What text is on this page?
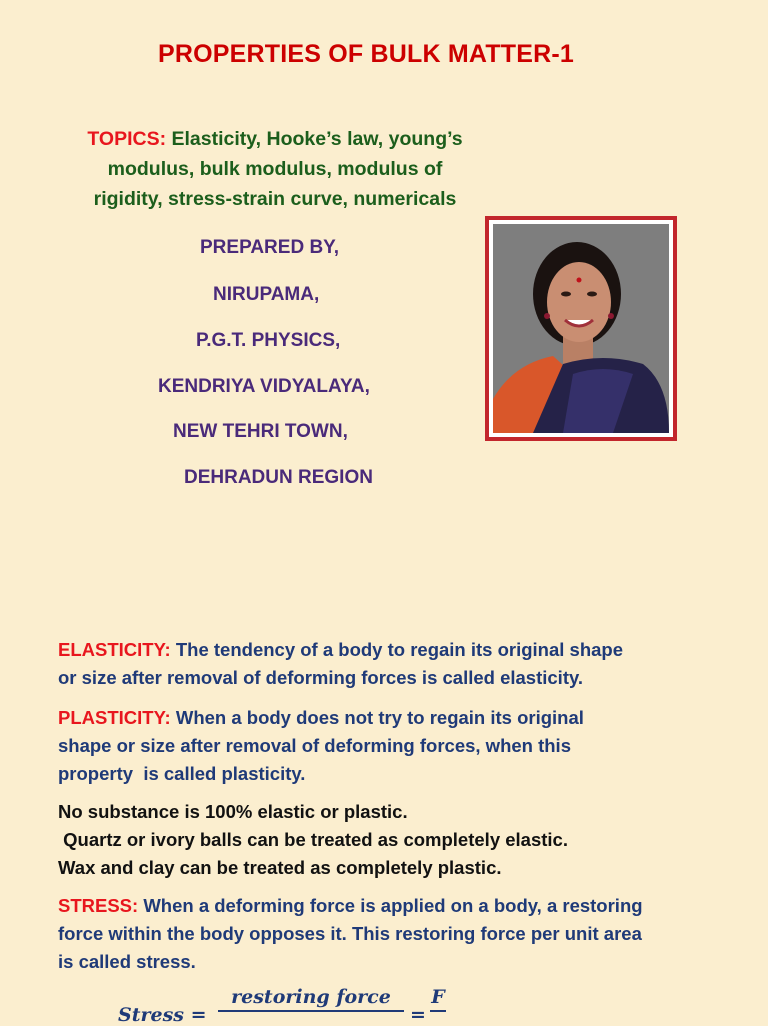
PROPERTIES OF BULK MATTER-1
TOPICS: Elasticity, Hooke’s law, young’s
modulus, bulk modulus, modulus of
rigidity, stress-strain curve, numericals
PREPARED BY,
NIRUPAMA,
P.G.T. PHYSICS,
KENDRIYA VIDYALAYA,
NEW TEHRI TOWN,
DEHRADUN REGION
ELASTICITY: The tendency of a body to regain its original shape
or size after removal of deforming forces is called elasticity.
PLASTICITY: When a body does not try to regain its original
shape or size after removal of deforming forces, when this
property  is called plasticity.
No substance is 100% elastic or plastic.
Quartz or ivory balls can be treated as completely elastic.
Wax and clay can be treated as completely plastic.
STRESS: When a deforming force is applied on a body, a restoring
force within the body opposes it. This restoring force per unit area
is called stress.
Stress =
restoring force
=
F
